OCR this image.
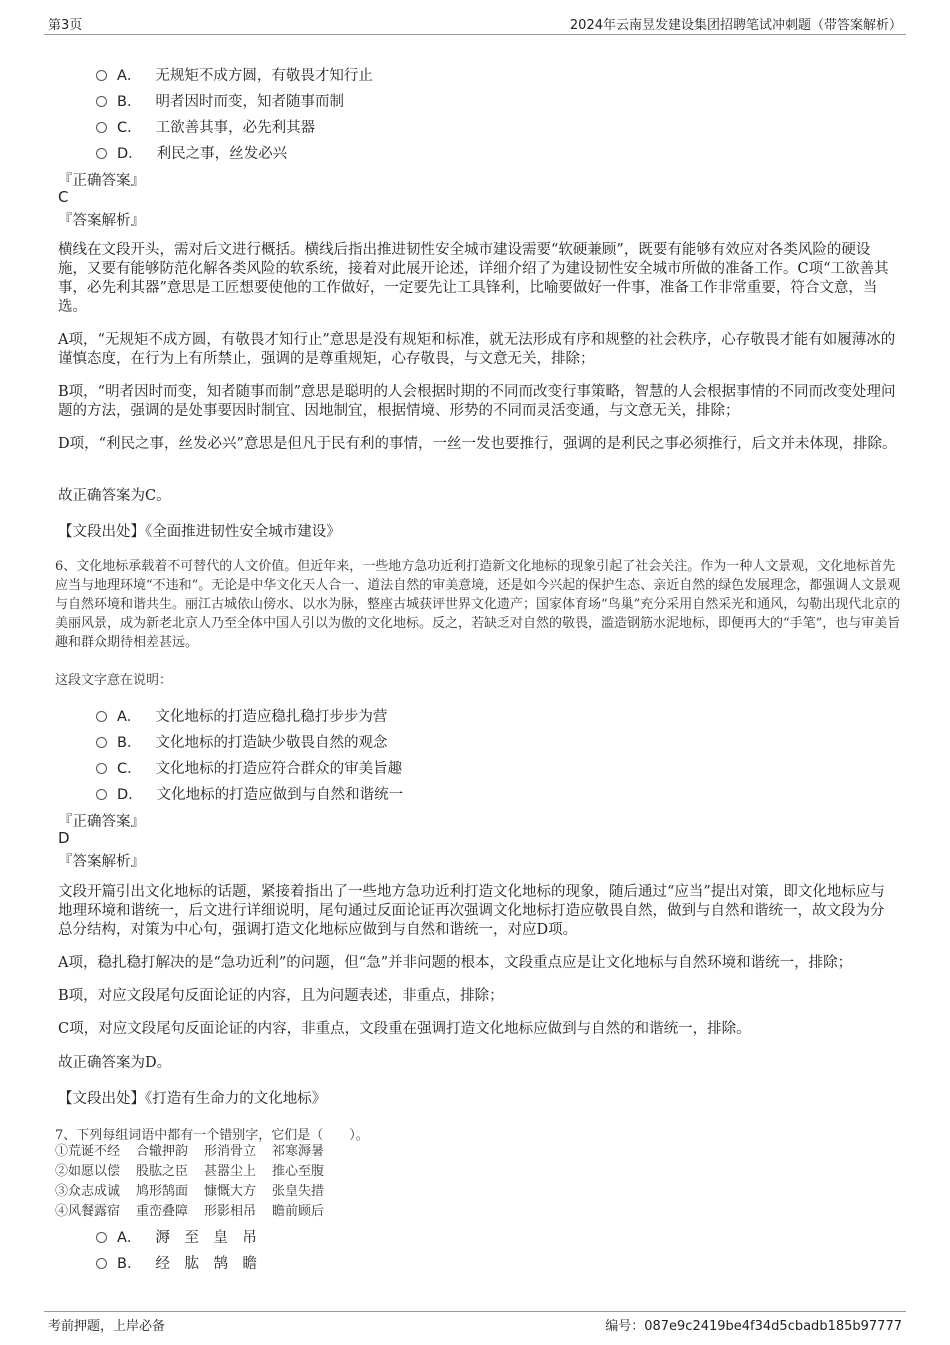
第3页	2024年云南昱发建设集团招聘笔试冲刺题（带答案解析）
A． 无规矩不成方圆，有敬畏才知行止
B． 明者因时而变，知者随事而制
C． 工欲善其事，必先利其器
D． 利民之事，丝发必兴
『正确答案』
C
『答案解析』
横线在文段开头，需对后文进行概括。横线后指出推进韧性安全城市建设需要“软硬兼顾”，既要有能够有效应对各类风险的硬设施，又要有能够防范化解各类风险的软系统，接着对此展开论述，详细介绍了为建设韧性安全城市所做的准备工作。C项“工欲善其事，必先利其器”意思是工匠想要使他的工作做好，一定要先让工具锋利，比喻要做好一件事，准备工作非常重要，符合文意，当选。
A项，“无规矩不成方圆，有敬畏才知行止”意思是没有规矩和标准，就无法形成有序和规整的社会秩序，心存敬畏才能有如履薄冰的谨慎态度，在行为上有所禁止，强调的是尊重规矩，心存敬畏，与文意无关，排除；
B项，“明者因时而变，知者随事而制”意思是聪明的人会根据时期的不同而改变行事策略，智慧的人会根据事情的不同而改变处理问题的方法，强调的是处事要因时制宜、因地制宜，根据情境、形势的不同而灵活变通，与文意无关，排除；
D项，“利民之事，丝发必兴”意思是但凡于民有利的事情，一丝一发也要推行，强调的是利民之事必须推行，后文并未体现，排除。
故正确答案为C。
【文段出处】《全面推进韧性安全城市建设》
6、文化地标承载着不可替代的人文价值。但近年来，一些地方急功近利打造新文化地标的现象引起了社会关注。作为一种人文景观，文化地标首先应当与地理环境“不违和”。无论是中华文化天人合一、道法自然的审美意境，还是如今兴起的保护生态、亲近自然的绿色发展理念，都强调人文景观与自然环境和谐共生。丽江古城依山傍水、以水为脉，整座古城获评世界文化遗产；国家体育场“鸟巢”充分采用自然采光和通风，勾勒出现代北京的美丽风景，成为新老北京人乃至全体中国人引以为傲的文化地标。反之，若缺乏对自然的敬畏，滥造钢筋水泥地标，即便再大的“手笔”，也与审美旨趣和群众期待相差甚远。
这段文字意在说明：
A． 文化地标的打造应稳扎稳打步步为营
B． 文化地标的打造缺少敬畏自然的观念
C． 文化地标的打造应符合群众的审美旨趣
D． 文化地标的打造应做到与自然和谐统一
『正确答案』
D
『答案解析』
文段开篇引出文化地标的话题，紧接着指出了一些地方急功近利打造文化地标的现象，随后通过“应当”提出对策，即文化地标应与地理环境和谐统一，后文进行详细说明，尾句通过反面论证再次强调文化地标打造应敬畏自然，做到与自然和谐统一，故文段为分总分结构，对策为中心句，强调打造文化地标应做到与自然和谐统一，对应D项。
A项，稳扎稳打解决的是“急功近利”的问题，但“急”并非问题的根本，文段重点应是让文化地标与自然环境和谐统一，排除；
B项，对应文段尾句反面论证的内容，且为问题表述，非重点，排除；
C项，对应文段尾句反面论证的内容，非重点，文段重在强调打造文化地标应做到与自然的和谐统一，排除。
故正确答案为D。
【文段出处】《打造有生命力的文化地标》
7、下列每组词语中都有一个错别字，它们是（　　）。
①荒诞不经 合辙押韵 形消骨立 祁寒溽暑
②如愿以偿 股肱之臣 甚嚣尘上 推心至腹
③众志成诚 鸠形鹄面 慷慨大方 张皇失措
④风餐露宿 重峦叠障 形影相吊 瞻前顾后
A． 溽　至　皇　吊
B． 经　肱　鹄　瞻
考前押题，上岸必备	编号：087e9c2419be4f34d5cbadb185b97777
